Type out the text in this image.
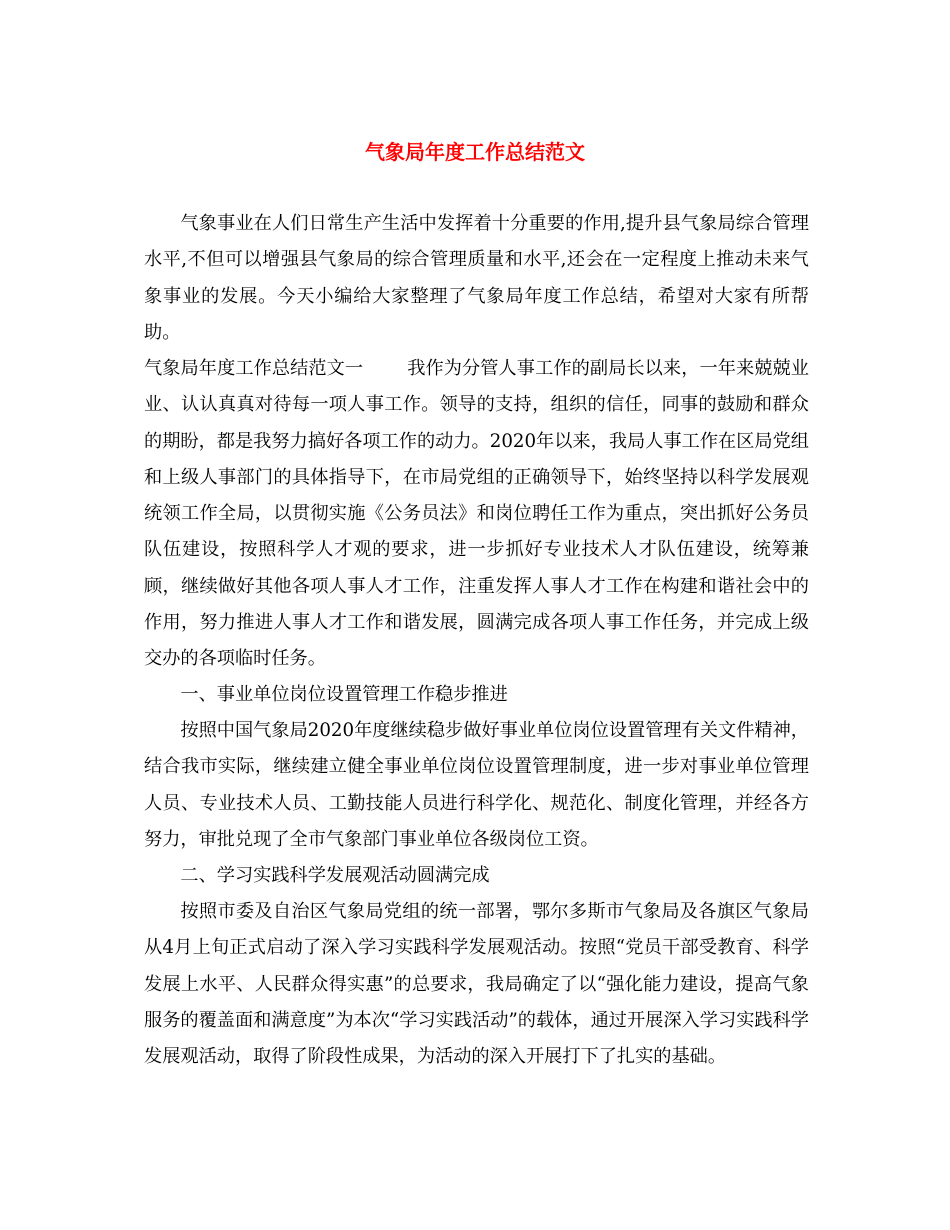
气象局年度工作总结范文
气象事业在人们日常生产生活中发挥着十分重要的作用,提升县气象局综合管理水平,不但可以增强县气象局的综合管理质量和水平,还会在一定程度上推动未来气象事业的发展。今天小编给大家整理了气象局年度工作总结，希望对大家有所帮助。
气象局年度工作总结范文一 我作为分管人事工作的副局长以来，一年来兢兢业业、认认真真对待每一项人事工作。领导的支持，组织的信任，同事的鼓励和群众的期盼，都是我努力搞好各项工作的动力。2020年以来，我局人事工作在区局党组和上级人事部门的具体指导下，在市局党组的正确领导下，始终坚持以科学发展观统领工作全局，以贯彻实施《公务员法》和岗位聘任工作为重点，突出抓好公务员队伍建设，按照科学人才观的要求，进一步抓好专业技术人才队伍建设，统筹兼顾，继续做好其他各项人事人才工作，注重发挥人事人才工作在构建和谐社会中的作用，努力推进人事人才工作和谐发展，圆满完成各项人事工作任务，并完成上级交办的各项临时任务。
一、事业单位岗位设置管理工作稳步推进
按照中国气象局2020年度继续稳步做好事业单位岗位设置管理有关文件精神，结合我市实际，继续建立健全事业单位岗位设置管理制度，进一步对事业单位管理人员、专业技术人员、工勤技能人员进行科学化、规范化、制度化管理，并经各方努力，审批兑现了全市气象部门事业单位各级岗位工资。
二、学习实践科学发展观活动圆满完成
按照市委及自治区气象局党组的统一部署，鄂尔多斯市气象局及各旗区气象局从4月上旬正式启动了深入学习实践科学发展观活动。按照“党员干部受教育、科学发展上水平、人民群众得实惠”的总要求，我局确定了以“强化能力建设，提高气象服务的覆盖面和满意度”为本次“学习实践活动”的载体，通过开展深入学习实践科学发展观活动，取得了阶段性成果，为活动的深入开展打下了扎实的基础。
